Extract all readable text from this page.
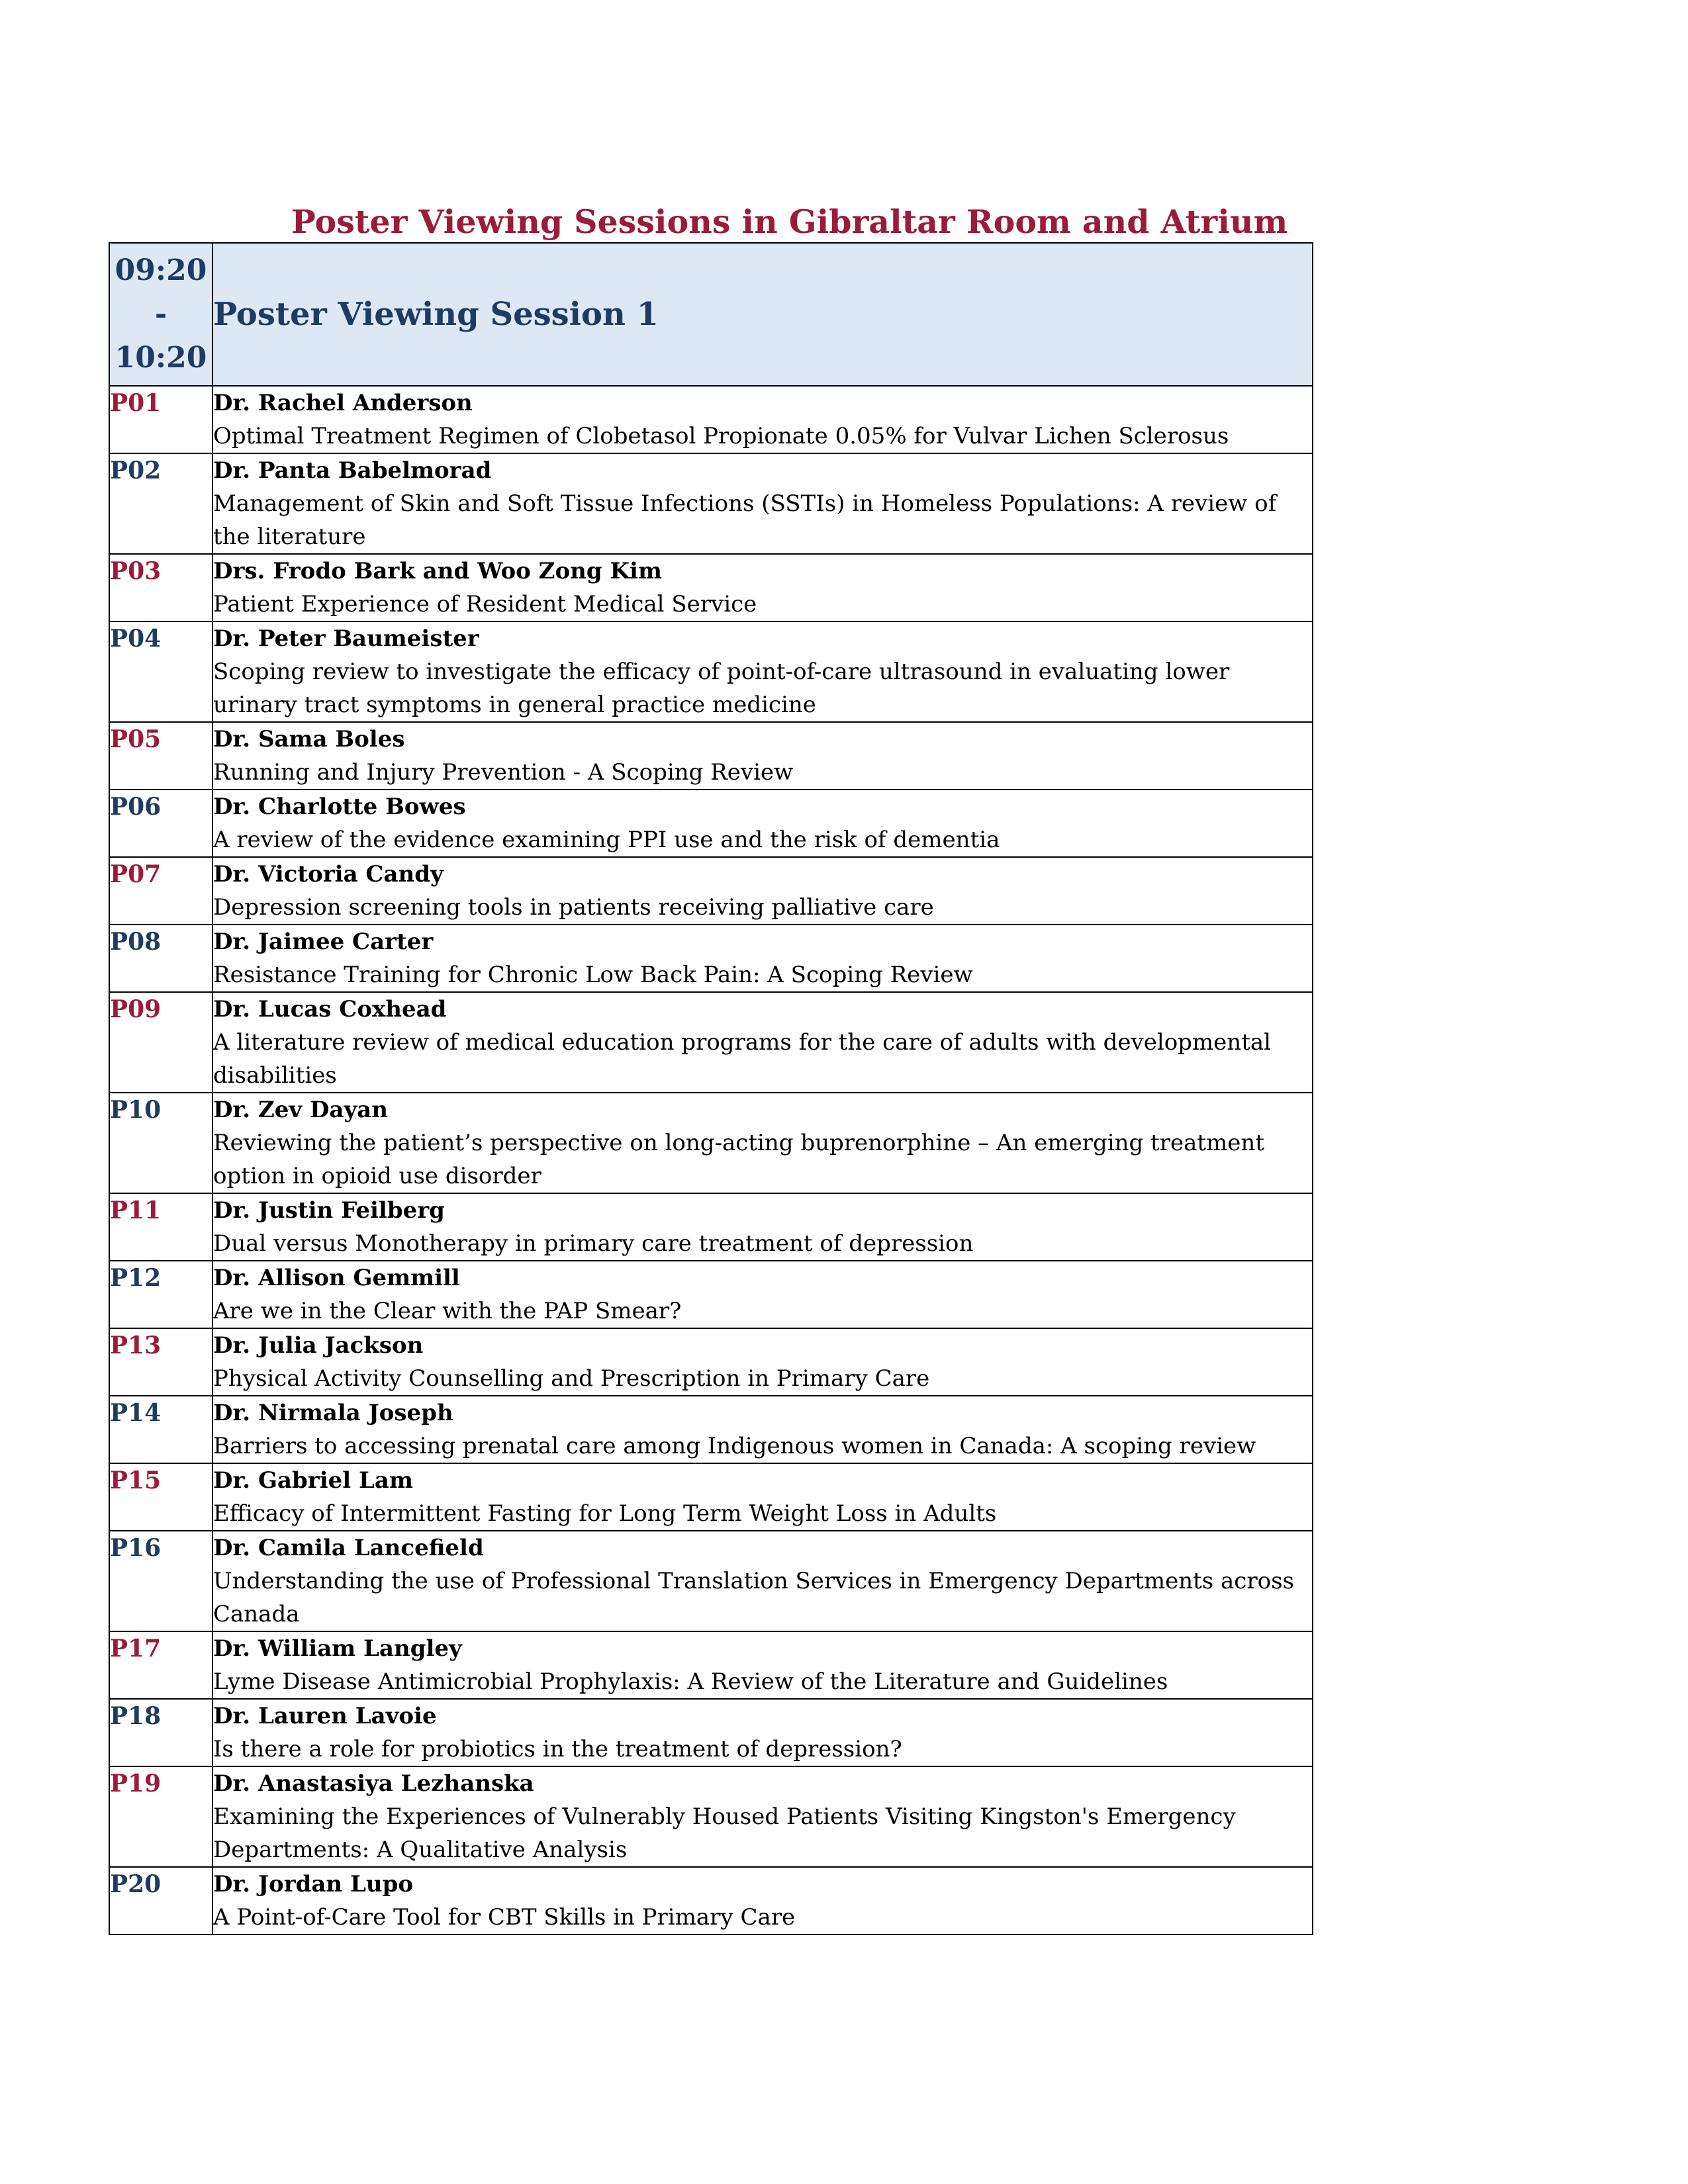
Poster Viewing Sessions in Gibraltar Room and Atrium
09:20
-
10:20	Poster Viewing Session 1
P01	Dr. Rachel Anderson
Optimal Treatment Regimen of Clobetasol Propionate 0.05% for Vulvar Lichen Sclerosus

P02	Dr. Panta Babelmorad
Management of Skin and Soft Tissue Infections (SSTIs) in Homeless Populations: A review of the literature

P03	Drs. Frodo Bark and Woo Zong Kim
Patient Experience of Resident Medical Service

P04	Dr. Peter Baumeister
Scoping review to investigate the efficacy of point-of-care ultrasound in evaluating lower urinary tract symptoms in general practice medicine

P05	Dr. Sama Boles
Running and Injury Prevention - A Scoping Review

P06	Dr. Charlotte Bowes
A review of the evidence examining PPI use and the risk of dementia

P07	Dr. Victoria Candy
Depression screening tools in patients receiving palliative care

P08	Dr. Jaimee Carter
Resistance Training for Chronic Low Back Pain: A Scoping Review

P09	Dr. Lucas Coxhead
A literature review of medical education programs for the care of adults with developmental disabilities

P10	Dr. Zev Dayan
Reviewing the patient’s perspective on long-acting buprenorphine – An emerging treatment option in opioid use disorder

P11	Dr. Justin Feilberg
Dual versus Monotherapy in primary care treatment of depression

P12	Dr. Allison Gemmill
Are we in the Clear with the PAP Smear?

P13	Dr. Julia Jackson
Physical Activity Counselling and Prescription in Primary Care

P14	Dr. Nirmala Joseph
Barriers to accessing prenatal care among Indigenous women in Canada: A scoping review

P15	Dr. Gabriel Lam
Efficacy of Intermittent Fasting for Long Term Weight Loss in Adults

P16	Dr. Camila Lancefield
Understanding the use of Professional Translation Services in Emergency Departments across Canada

P17	Dr. William Langley
Lyme Disease Antimicrobial Prophylaxis: A Review of the Literature and Guidelines

P18	Dr. Lauren Lavoie
Is there a role for probiotics in the treatment of depression?

P19	Dr. Anastasiya Lezhanska
Examining the Experiences of Vulnerably Housed Patients Visiting Kingston's Emergency Departments: A Qualitative Analysis

P20	Dr. Jordan Lupo
A Point-of-Care Tool for CBT Skills in Primary Care
